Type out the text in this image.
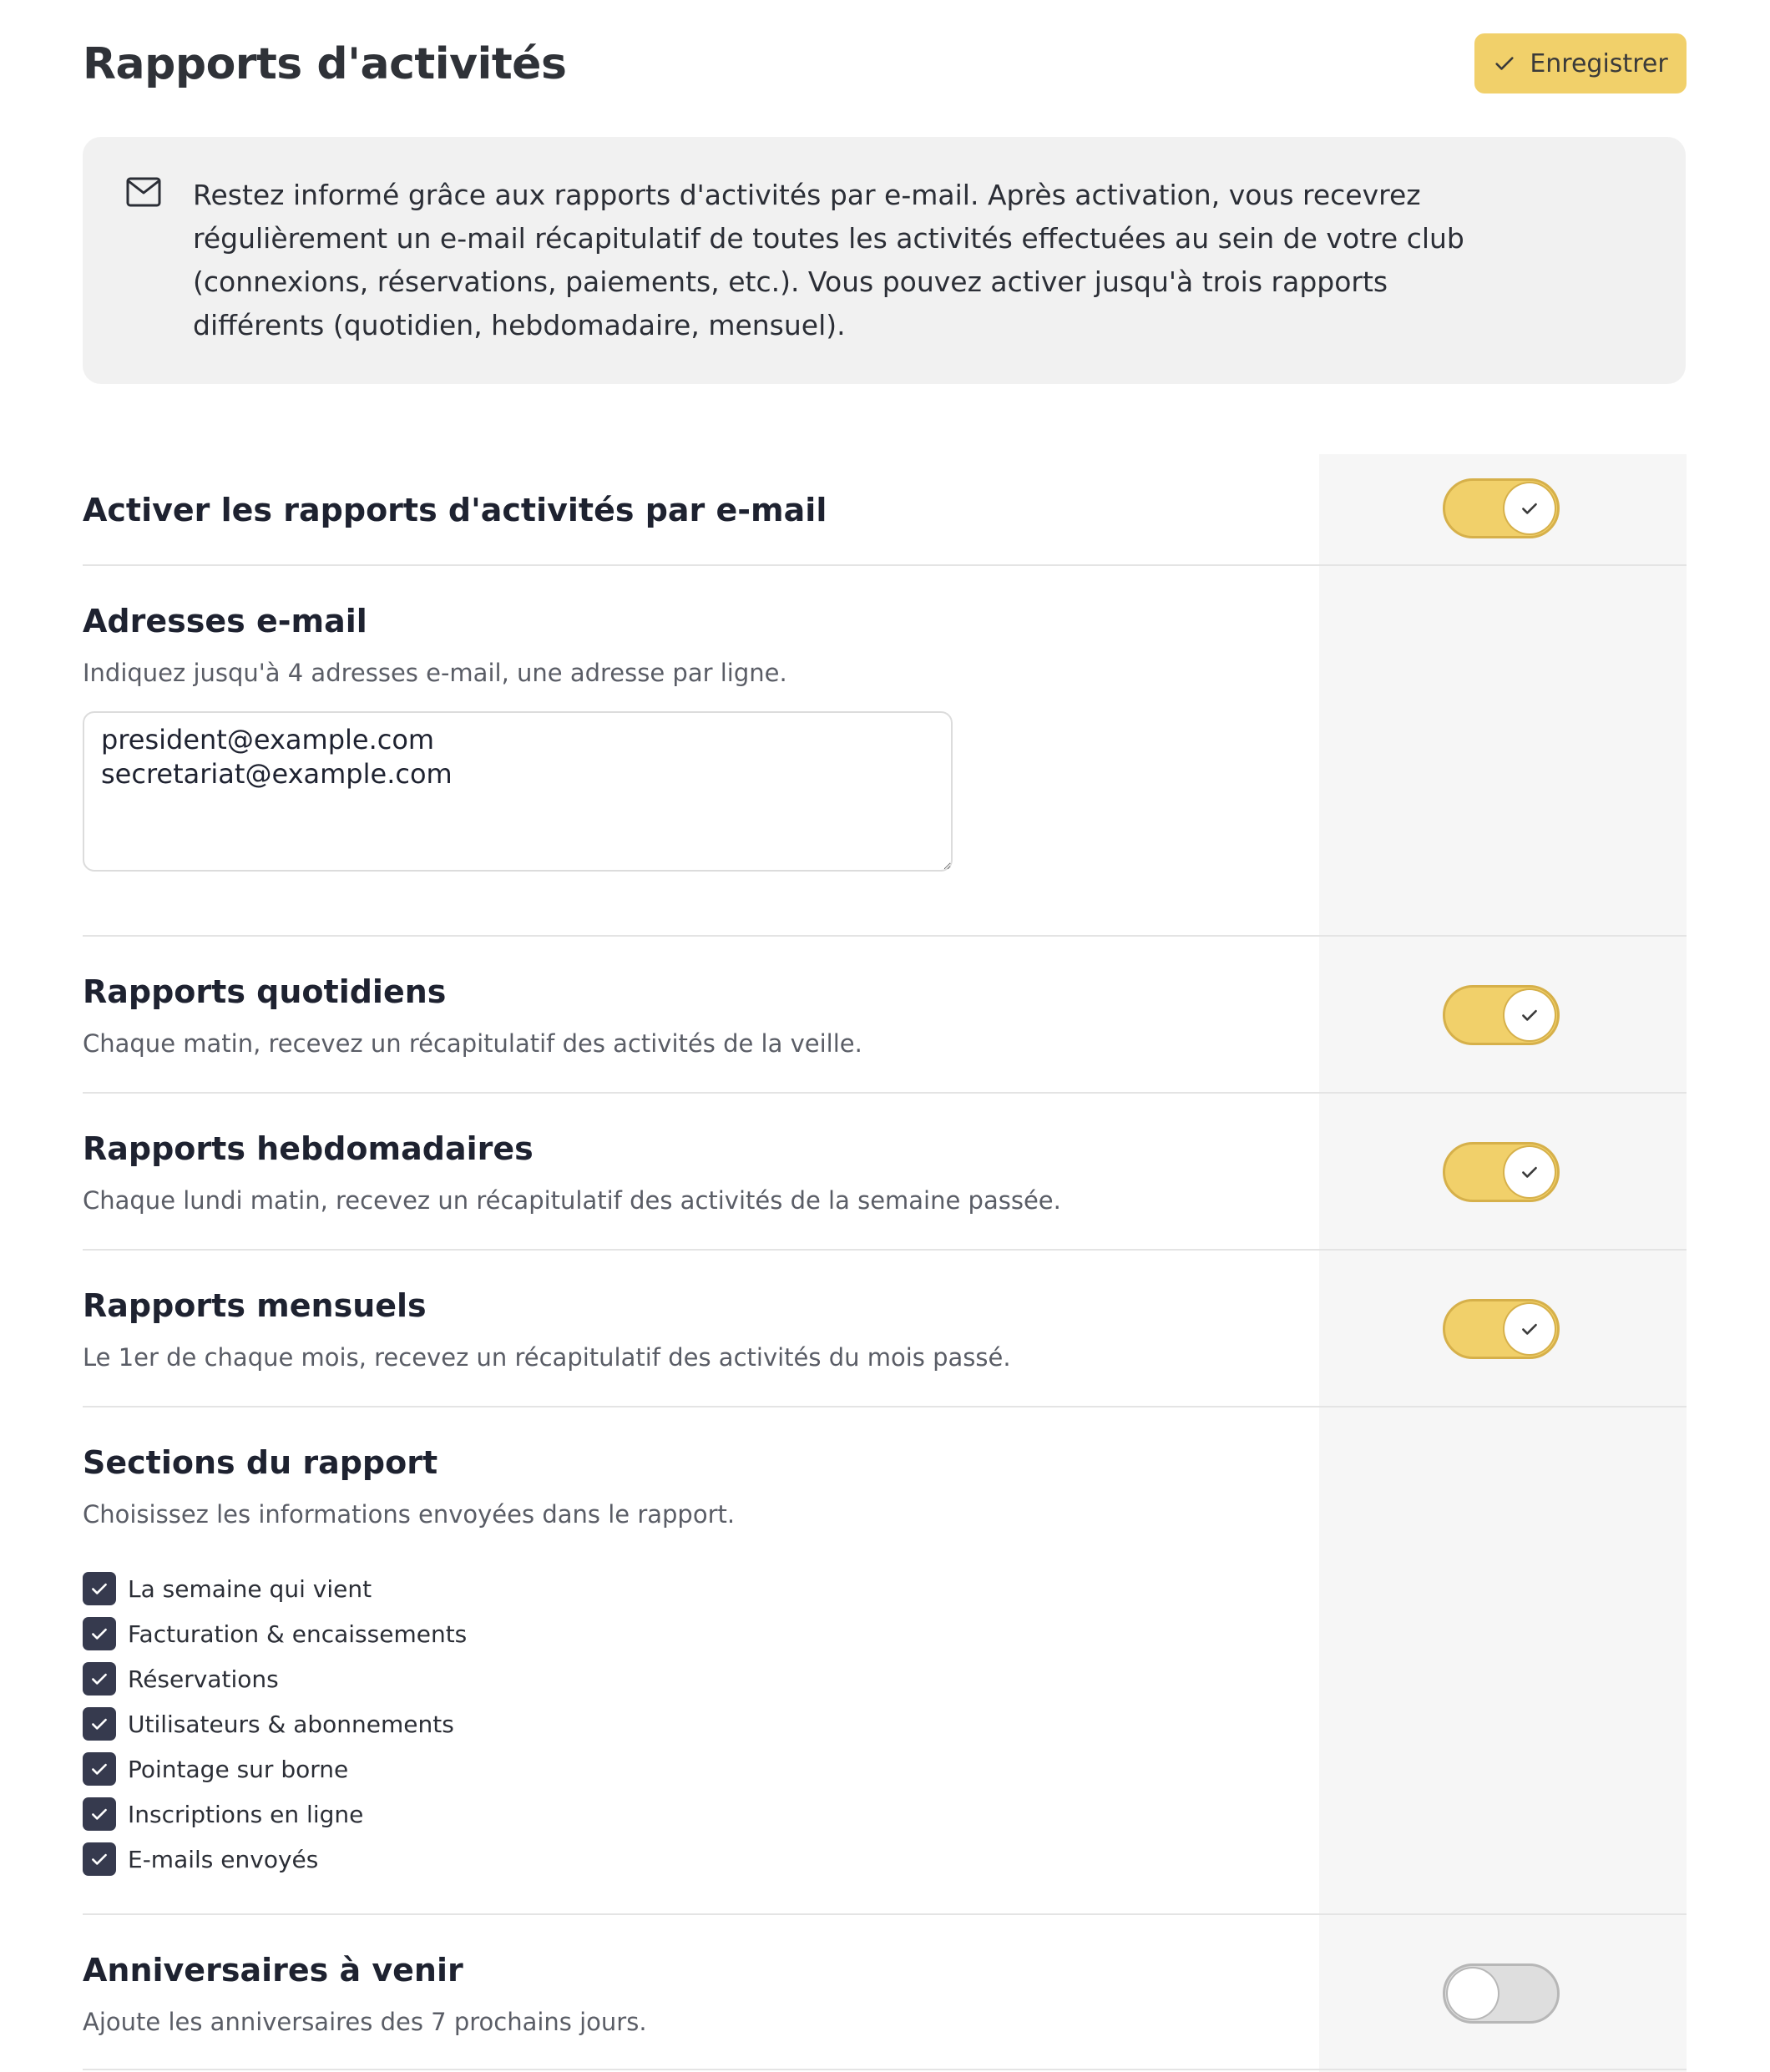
Rapports d'activités	Enregistrer

Restez informé grâce aux rapports d'activités par e-mail. Après activation, vous recevrez régulièrement un e-mail récapitulatif de toutes les activités effectuées au sein de votre club (connexions, réservations, paiements, etc.). Vous pouvez activer jusqu'à trois rapports différents (quotidien, hebdomadaire, mensuel).

Activer les rapports d'activités par e-mail

Adresses e-mail

Indiquez jusqu'à 4 adresses e-mail, une adresse par ligne.

president@example.com secretariat@example.com

Rapports quotidiens

Chaque matin, recevez un récapitulatif des activités de la veille.

Rapports hebdomadaires

Chaque lundi matin, recevez un récapitulatif des activités de la semaine passée.

Rapports mensuels

Le 1er de chaque mois, recevez un récapitulatif des activités du mois passé.

Sections du rapport

Choisissez les informations envoyées dans le rapport.

La semaine qui vient
Facturation & encaissements
Réservations
Utilisateurs & abonnements
Pointage sur borne
Inscriptions en ligne
E-mails envoyés

Anniversaires à venir

Ajoute les anniversaires des 7 prochains jours.
